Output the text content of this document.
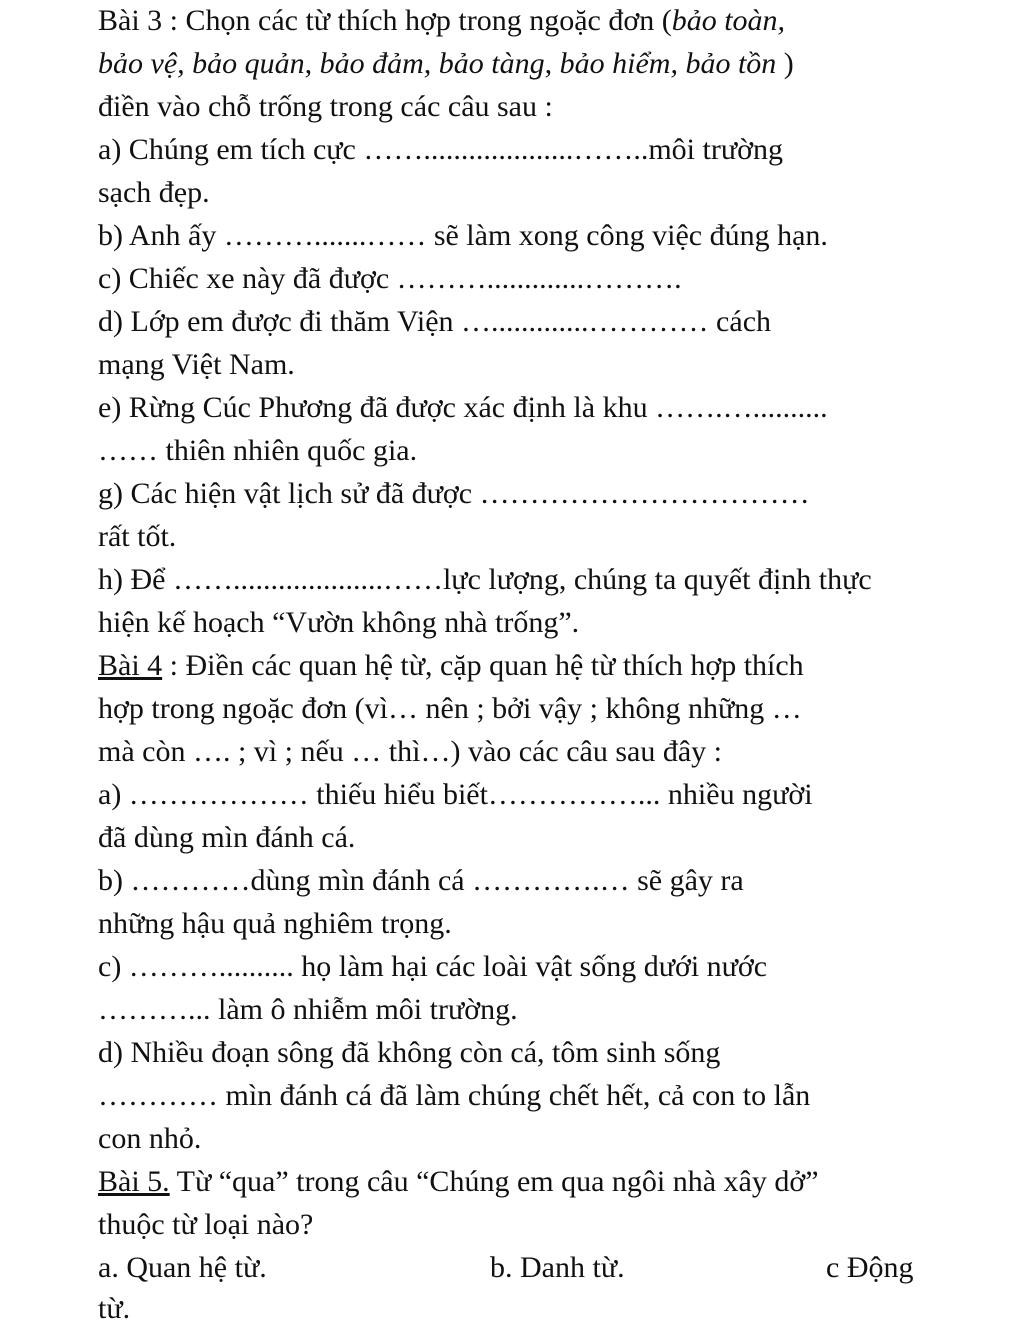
Bài 3 : Chọn các từ thích hợp trong ngoặc đơn (bảo toàn,
bảo vệ, bảo quản, bảo đảm, bảo tàng, bảo hiểm, bảo tồn )
điền vào chỗ trống trong các câu sau :
a) Chúng em tích cực ……....................……..môi trường
sạch đẹp.
b) Anh ấy ……….......…… sẽ làm xong công việc đúng hạn.
c) Chiếc xe này đã được ……….............……….
d) Lớp em được đi thăm Viện ….............………… cách
mạng Việt Nam.
e) Rừng Cúc Phương đã được xác định là khu …….…..........
…… thiên nhiên quốc gia.
g) Các hiện vật lịch sử đã được ……………………………
rất tốt.
h) Để ……....................……lực lượng, chúng ta quyết định thực
hiện kế hoạch “Vườn không nhà trống”.
Bài 4 : Điền các quan hệ từ, cặp quan hệ từ thích hợp thích
hợp trong ngoặc đơn (vì… nên ; bởi vậy ; không những …
mà còn …. ; vì ; nếu … thì…) vào các câu sau đây :
a) ……………… thiếu hiểu biết……………... nhiều người
đã dùng mìn đánh cá.
b) …………dùng mìn đánh cá ………….… sẽ gây ra
những hậu quả nghiêm trọng.
c) ……….......... họ làm hại các loài vật sống dưới nước
………... làm ô nhiễm môi trường.
d) Nhiều đoạn sông đã không còn cá, tôm sinh sống
………… mìn đánh cá đã làm chúng chết hết, cả con to lẫn
con nhỏ.
Bài 5. Từ “qua” trong câu “Chúng em qua ngôi nhà xây dở”
thuộc từ loại nào?
a. Quan hệ từ.	b. Danh từ.	c Động
từ.
